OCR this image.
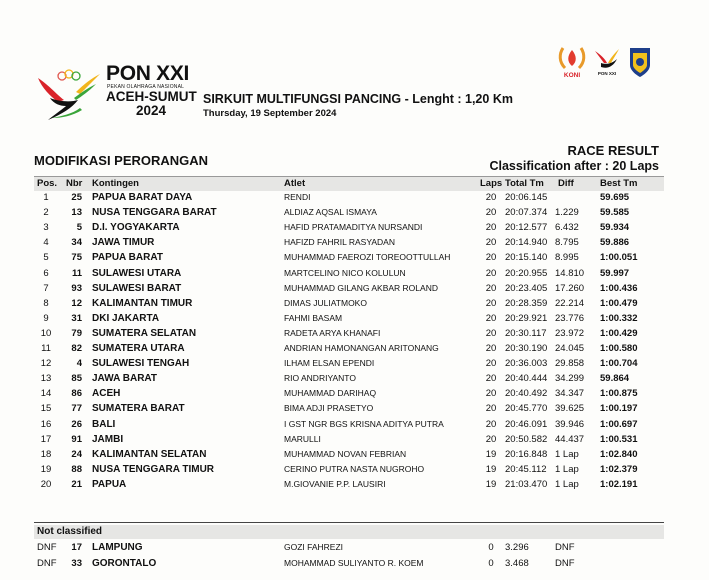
PON XXI
PEKAN OLAHRAGA NASIONAL
ACEH-SUMUT
2024
SIRKUIT MULTIFUNGSI PANCING - Lenght : 1,20 Km
Thursday, 19 September 2024
KONI	PON XXI
MODIFIKASI PERORANGAN
RACE RESULT
Classification after : 20 Laps
Pos. Nbr Kontingen	Atlet	Laps Total Tm Diff	Best Tm
1	25 PAPUA BARAT DAYA	RENDI	20 20:06.145	59.695
2	13 NUSA TENGGARA BARAT	ALDIAZ AQSAL ISMAYA	20 20:07.374 1.229 59.585
3	5 D.I. YOGYAKARTA	HAFID PRATAMADITYA NURSANDI	20 20:12.577 6.432 59.934
4	34 JAWA TIMUR	HAFIZD FAHRIL RASYADAN	20 20:14.940 8.795 59.886
5	75 PAPUA BARAT	MUHAMMAD FAEROZI TOREOOTTULLAH	20 20:15.140 8.995 1:00.051
6	11 SULAWESI UTARA	MARTCELINO NICO KOLULUN	20 20:20.955 14.810 59.997
7	93 SULAWESI BARAT	MUHAMMAD GILANG AKBAR ROLAND	20 20:23.405 17.260 1:00.436
8	12 KALIMANTAN TIMUR	DIMAS JULIATMOKO	20 20:28.359 22.214 1:00.479
9	31 DKI JAKARTA	FAHMI BASAM	20 20:29.921 23.776 1:00.332
10	79 SUMATERA SELATAN	RADETA ARYA KHANAFI	20 20:30.117 23.972 1:00.429
11	82 SUMATERA UTARA	ANDRIAN HAMONANGAN ARITONANG	20 20:30.190 24.045 1:00.580
12	4 SULAWESI TENGAH	ILHAM ELSAN EPENDI	20 20:36.003 29.858 1:00.704
13	85 JAWA BARAT	RIO ANDRIYANTO	20 20:40.444 34.299 59.864
14	86 ACEH	MUHAMMAD DARIHAQ	20 20:40.492 34.347 1:00.875
15	77 SUMATERA BARAT	BIMA ADJI PRASETYO	20 20:45.770 39.625 1:00.197
16	26 BALI	I GST NGR BGS KRISNA ADITYA PUTRA	20 20:46.091 39.946 1:00.697
17	91 JAMBI	MARULLI	20 20:50.582 44.437 1:00.531
18	24 KALIMANTAN SELATAN	MUHAMMAD NOVAN FEBRIAN	19 20:16.848 1 Lap 1:02.840
19	88 NUSA TENGGARA TIMUR	CERINO PUTRA NASTA NUGROHO	19 20:45.112 1 Lap 1:02.379
20	21 PAPUA	M.GIOVANIE P.P. LAUSIRI	19 21:03.470 1 Lap 1:02.191
Not classified
DNF	17 LAMPUNG	GOZI FAHREZI	0	3.296	DNF
DNF	33 GORONTALO	MOHAMMAD SULIYANTO R. KOEM	0	3.468	DNF
